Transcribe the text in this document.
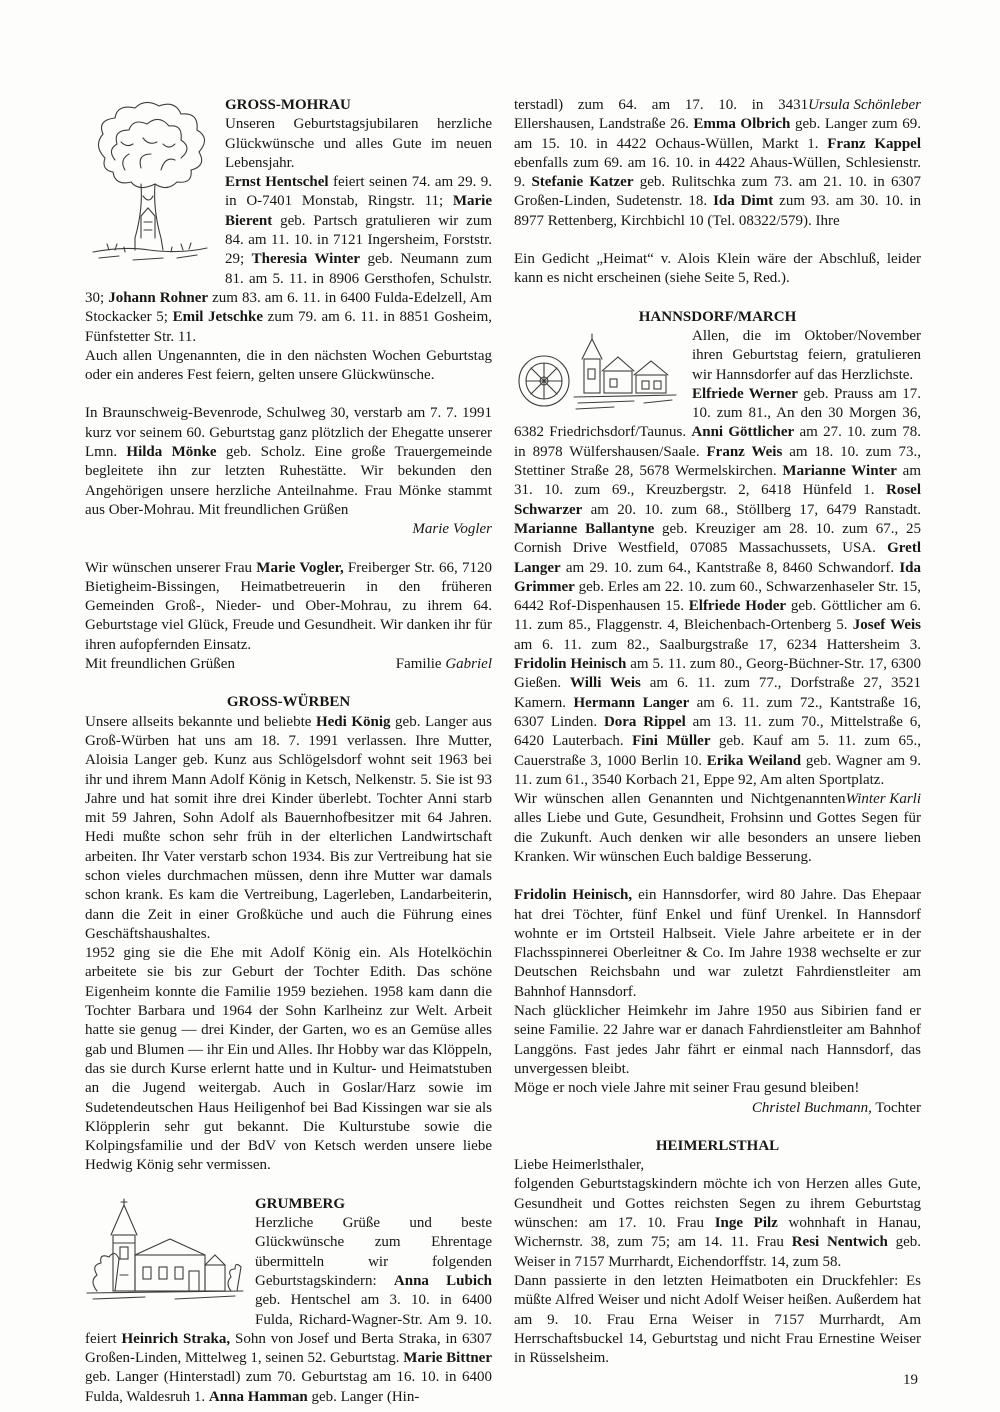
GROSS-MOHRAU

Unseren Geburtstagsjubilaren herzliche Glückwünsche und alles Gute im neuen Lebensjahr.

Ernst Hentschel feiert seinen 74. am 29. 9. in O-7401 Monstab, Ringstr. 11; Marie Bierent geb. Partsch gratulieren wir zum 84. am 11. 10. in 7121 Ingersheim, Forststr. 29; Theresia Winter geb. Neumann zum 81. am 5. 11. in 8906 Gersthofen, Schulstr. 30; Johann Rohner zum 83. am 6. 11. in 6400 Fulda-Edelzell, Am Stockacker 5; Emil Jetschke zum 79. am 6. 11. in 8851 Gosheim, Fünfstetter Str. 11.

Auch allen Ungenannten, die in den nächsten Wochen Geburtstag oder ein anderes Fest feiern, gelten unsere Glückwünsche.

In Braunschweig-Bevenrode, Schulweg 30, verstarb am 7. 7. 1991 kurz vor seinem 60. Geburtstag ganz plötzlich der Ehegatte unserer Lmn. Hilda Mönke geb. Scholz. Eine große Trauergemeinde begleitete ihn zur letzten Ruhestätte. Wir bekunden den Angehörigen unsere herzliche Anteilnahme. Frau Mönke stammt aus Ober-Mohrau. Mit freundlichen Grüßen

Marie Vogler

Wir wünschen unserer Frau Marie Vogler, Freiberger Str. 66, 7120 Bietigheim-Bissingen, Heimatbetreuerin in den früheren Gemeinden Groß-, Nieder- und Ober-Mohrau, zu ihrem 64. Geburtstage viel Glück, Freude und Gesundheit. Wir danken ihr für ihren aufopfernden Einsatz.

Mit freundlichen Grüßen	Familie Gabriel

GROSS-WÜRBEN

Unsere allseits bekannte und beliebte Hedi König geb. Langer aus Groß-Würben hat uns am 18. 7. 1991 verlassen. Ihre Mutter, Aloisia Langer geb. Kunz aus Schlögelsdorf wohnt seit 1963 bei ihr und ihrem Mann Adolf König in Ketsch, Nelkenstr. 5. Sie ist 93 Jahre und hat somit ihre drei Kinder überlebt. Tochter Anni starb mit 59 Jahren, Sohn Adolf als Bauernhofbesitzer mit 64 Jahren. Hedi mußte schon sehr früh in der elterlichen Landwirtschaft arbeiten. Ihr Vater verstarb schon 1934. Bis zur Vertreibung hat sie schon vieles durchmachen müssen, denn ihre Mutter war damals schon krank. Es kam die Vertreibung, Lagerleben, Landarbeiterin, dann die Zeit in einer Großküche und auch die Führung eines Geschäftshaushaltes.

1952 ging sie die Ehe mit Adolf König ein. Als Hotelköchin arbeitete sie bis zur Geburt der Tochter Edith. Das schöne Eigenheim konnte die Familie 1959 beziehen. 1958 kam dann die Tochter Barbara und 1964 der Sohn Karlheinz zur Welt. Arbeit hatte sie genug — drei Kinder, der Garten, wo es an Gemüse alles gab und Blumen — ihr Ein und Alles. Ihr Hobby war das Klöppeln, das sie durch Kurse erlernt hatte und in Kultur- und Heimatstuben an die Jugend weitergab. Auch in Goslar/Harz sowie im Sudetendeutschen Haus Heiligenhof bei Bad Kissingen war sie als Klöpplerin sehr gut bekannt. Die Kulturstube sowie die Kolpingsfamilie und der BdV von Ketsch werden unsere liebe Hedwig König sehr vermissen.

GRUMBERG

Herzliche Grüße und beste Glückwünsche zum Ehrentage übermitteln wir folgenden Geburtstagskindern: Anna Lubich geb. Hentschel am 3. 10. in 6400 Fulda, Richard-Wagner-Str. Am 9. 10. feiert Heinrich Straka, Sohn von Josef und Berta Straka, in 6307 Großen-Linden, Mittelweg 1, seinen 52. Geburtstag. Marie Bittner geb. Langer (Hinterstadl) zum 70. Geburtstag am 16. 10. in 6400 Fulda, Waldesruh 1. Anna Hamman geb. Langer (Hin-

Ursula Schönleber
terstadl) zum 64. am 17. 10. in 3431 Ellershausen, Landstraße 26. Emma Olbrich geb. Langer zum 69. am 15. 10. in 4422 Ochaus-Wüllen, Markt 1. Franz Kappel ebenfalls zum 69. am 16. 10. in 4422 Ahaus-Wüllen, Schlesienstr. 9. Stefanie Katzer geb. Rulitschka zum 73. am 21. 10. in 6307 Großen-Linden, Sudetenstr. 18. Ida Dimt zum 93. am 30. 10. in 8977 Rettenberg, Kirchbichl 10 (Tel. 08322/579). Ihre

Ein Gedicht „Heimat“ v. Alois Klein wäre der Abschluß, leider kann es nicht erscheinen (siehe Seite 5, Red.).

HANNSDORF/MARCH

Allen, die im Oktober/November ihren Geburtstag feiern, gratulieren wir Hannsdorfer auf das Herzlichste.

Elfriede Werner geb. Prauss am 17. 10. zum 81., An den 30 Morgen 36, 6382 Friedrichsdorf/Taunus. Anni Göttlicher am 27. 10. zum 78. in 8978 Wülfershausen/Saale. Franz Weis am 18. 10. zum 73., Stettiner Straße 28, 5678 Wermelskirchen. Marianne Winter am 31. 10. zum 69., Kreuzbergstr. 2, 6418 Hünfeld 1. Rosel Schwarzer am 20. 10. zum 68., Stöllberg 17, 6479 Ranstadt. Marianne Ballantyne geb. Kreuziger am 28. 10. zum 67., 25 Cornish Drive Westfield, 07085 Massachussets, USA. Gretl Langer am 29. 10. zum 64., Kantstraße 8, 8460 Schwandorf. Ida Grimmer geb. Erles am 22. 10. zum 60., Schwarzenhaseler Str. 15, 6442 Rof-Dispenhausen 15. Elfriede Hoder geb. Göttlicher am 6. 11. zum 85., Flaggenstr. 4, Bleichenbach-Ortenberg 5. Josef Weis am 6. 11. zum 82., Saalburgstraße 17, 6234 Hattersheim 3. Fridolin Heinisch am 5. 11. zum 80., Georg-Büchner-Str. 17, 6300 Gießen. Willi Weis am 6. 11. zum 77., Dorfstraße 27, 3521 Kamern. Hermann Langer am 6. 11. zum 72., Kantstraße 16, 6307 Linden. Dora Rippel am 13. 11. zum 70., Mittelstraße 6, 6420 Lauterbach. Fini Müller geb. Kauf am 5. 11. zum 65., Cauerstraße 3, 1000 Berlin 10. Erika Weiland geb. Wagner am 9. 11. zum 61., 3540 Korbach 21, Eppe 92, Am alten Sportplatz.

Winter Karli
Wir wünschen allen Genannten und Nichtgenannten alles Liebe und Gute, Gesundheit, Frohsinn und Gottes Segen für die Zukunft. Auch denken wir alle besonders an unsere lieben Kranken. Wir wünschen Euch baldige Besserung.

Fridolin Heinisch, ein Hannsdorfer, wird 80 Jahre. Das Ehepaar hat drei Töchter, fünf Enkel und fünf Urenkel. In Hannsdorf wohnte er im Ortsteil Halbseit. Viele Jahre arbeitete er in der Flachsspinnerei Oberleitner & Co. Im Jahre 1938 wechselte er zur Deutschen Reichsbahn und war zuletzt Fahrdienstleiter am Bahnhof Hannsdorf.

Nach glücklicher Heimkehr im Jahre 1950 aus Sibirien fand er seine Familie. 22 Jahre war er danach Fahrdienstleiter am Bahnhof Langgöns. Fast jedes Jahr fährt er einmal nach Hannsdorf, das unvergessen bleibt.

Möge er noch viele Jahre mit seiner Frau gesund bleiben!

Christel Buchmann, Tochter

HEIMERLSTHAL

Liebe Heimerlsthaler,

folgenden Geburtstagskindern möchte ich von Herzen alles Gute, Gesundheit und Gottes reichsten Segen zu ihrem Geburtstag wünschen: am 17. 10. Frau Inge Pilz wohnhaft in Hanau, Wichernstr. 38, zum 75; am 14. 11. Frau Resi Nentwich geb. Weiser in 7157 Murrhardt, Eichendorffstr. 14, zum 58.

Dann passierte in den letzten Heimatboten ein Druckfehler: Es müßte Alfred Weiser und nicht Adolf Weiser heißen. Außerdem hat am 9. 10. Frau Erna Weiser in 7157 Murrhardt, Am Herrschaftsbuckel 14, Geburtstag und nicht Frau Ernestine Weiser in Rüsselsheim.

19
